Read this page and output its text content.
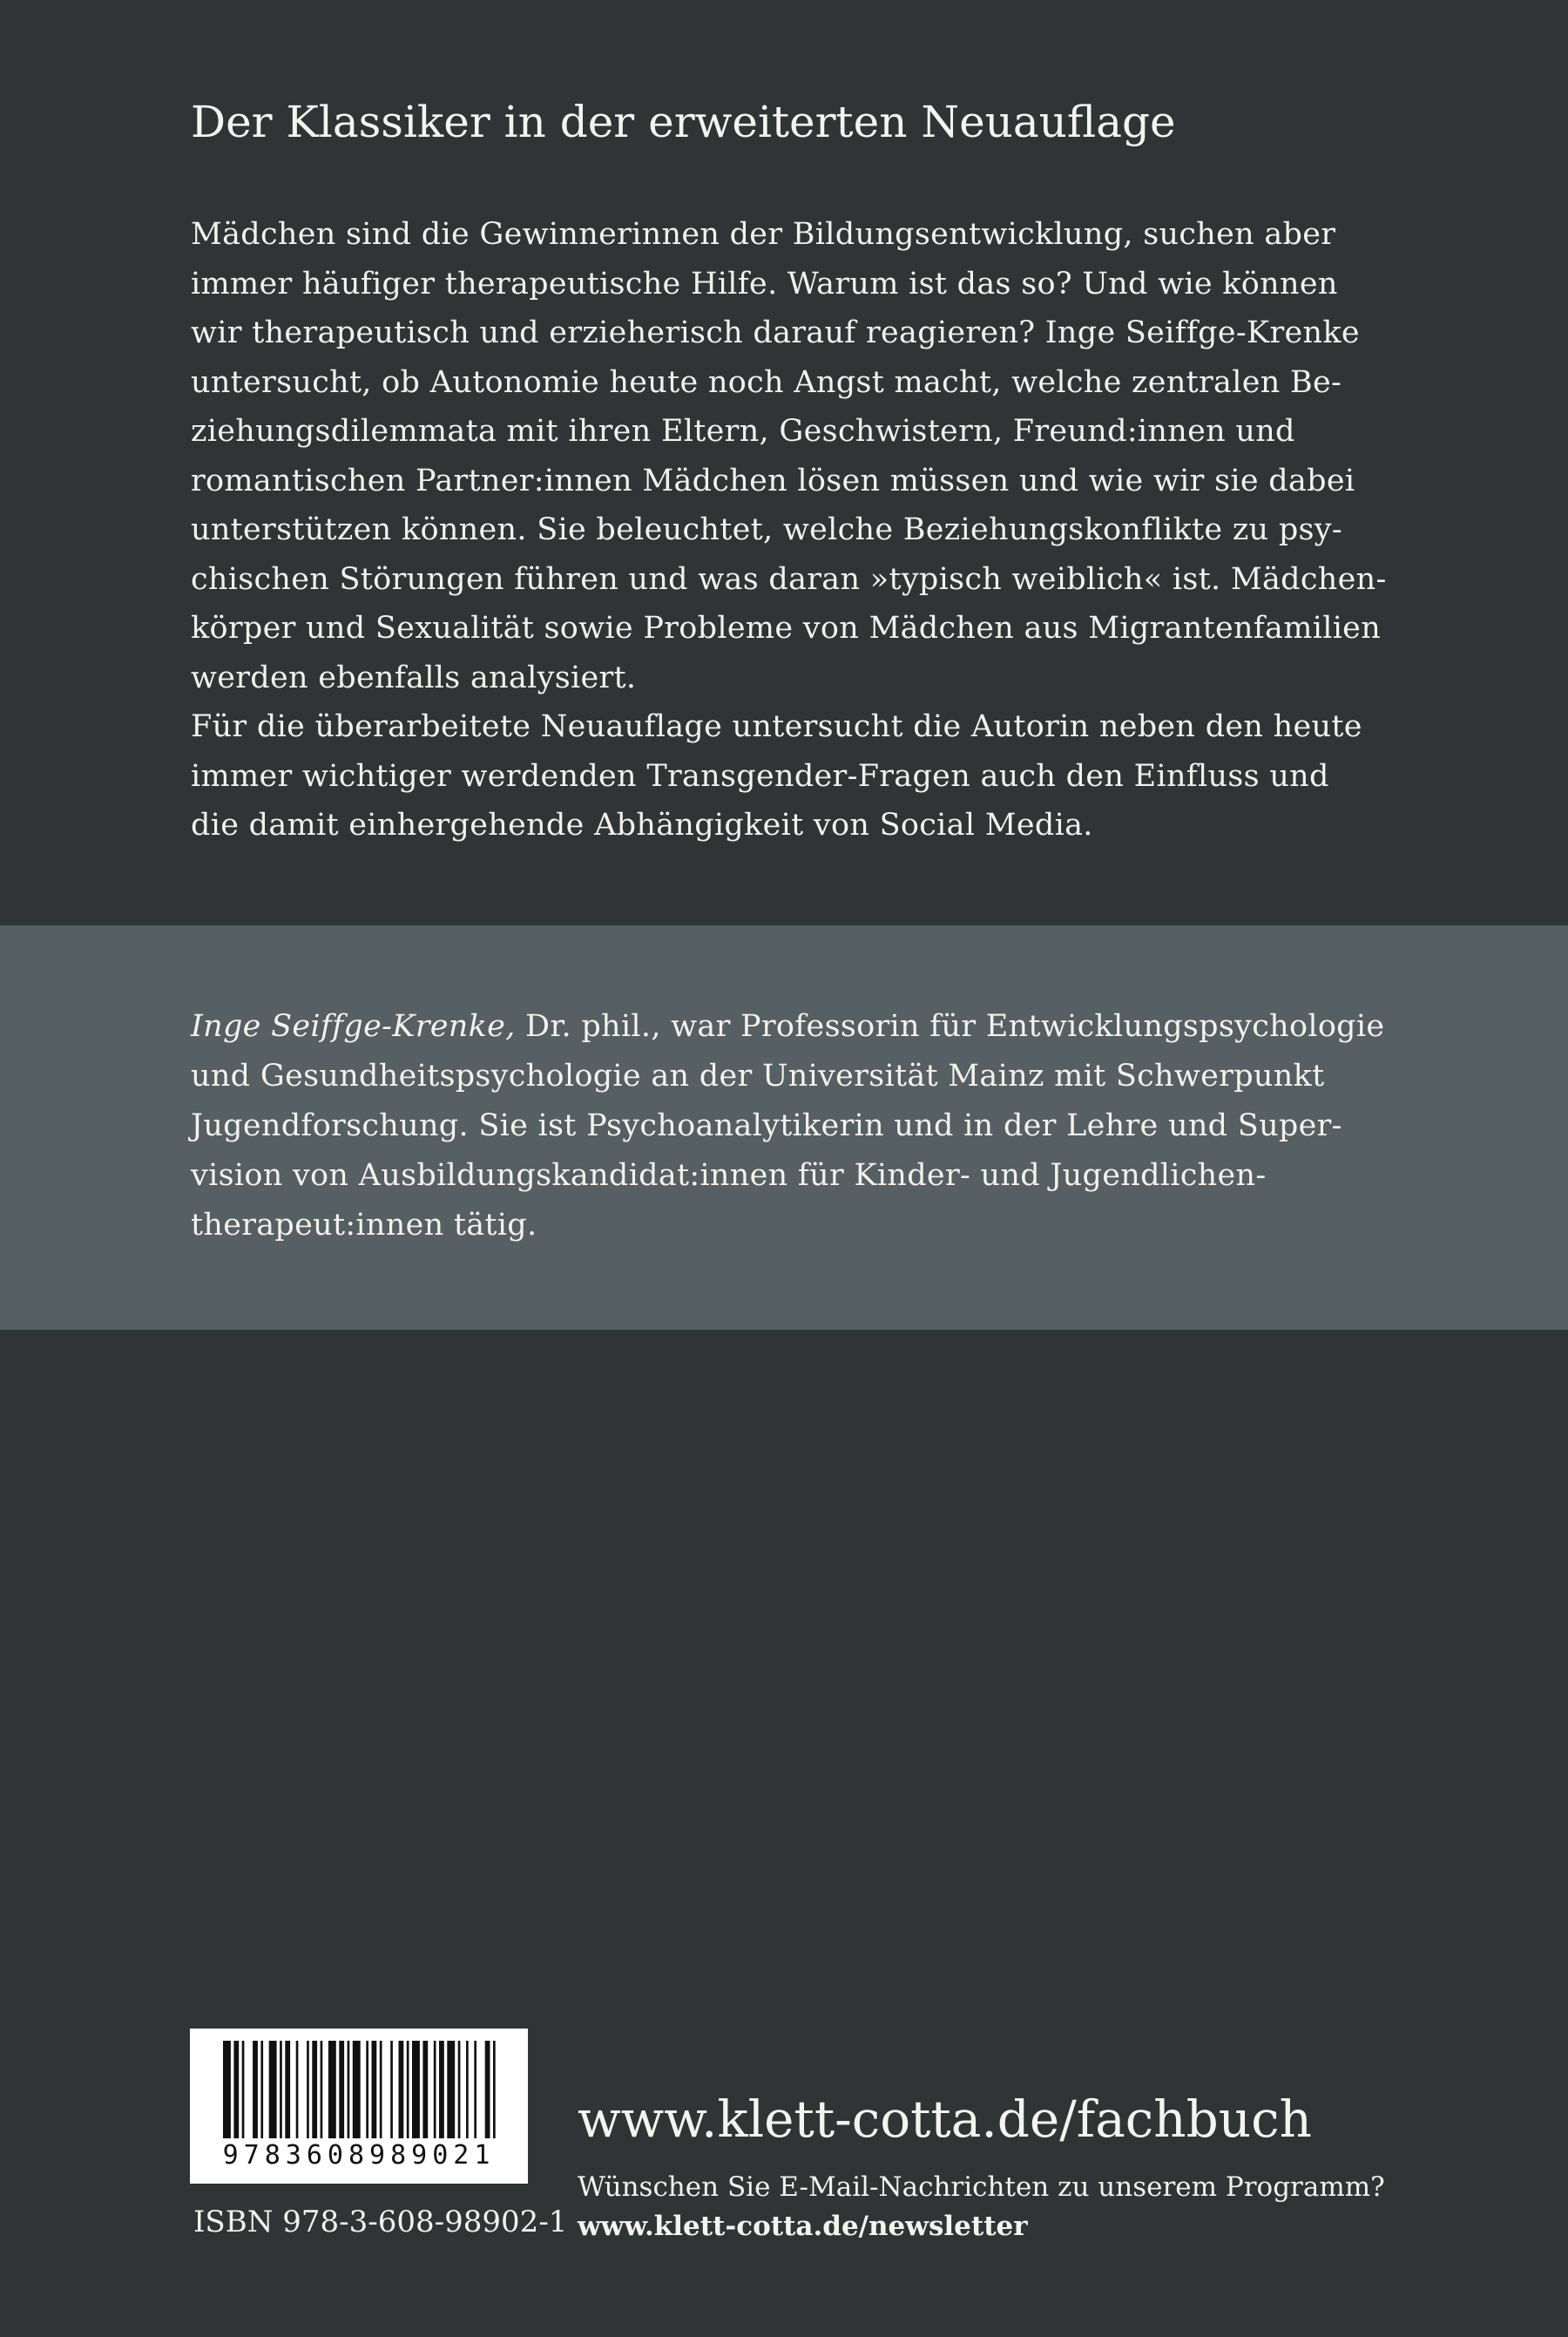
Der Klassiker in der erweiterten Neuauflage
Mädchen sind die Gewinnerinnen der Bildungsentwicklung, suchen aber
immer häufiger therapeutische Hilfe. Warum ist das so? Und wie können
wir therapeutisch und erzieherisch darauf reagieren? Inge Seiffge-Krenke
untersucht, ob Autonomie heute noch Angst macht, welche zentralen Be-
ziehungsdilemmata mit ihren Eltern, Geschwistern, Freund:innen und
romantischen Partner:innen Mädchen lösen müssen und wie wir sie dabei
unterstützen können. Sie beleuchtet, welche Beziehungskonflikte zu psy-
chischen Störungen führen und was daran »typisch weiblich« ist. Mädchen-
körper und Sexualität sowie Probleme von Mädchen aus Migrantenfamilien
werden ebenfalls analysiert.
Für die überarbeitete Neuauflage untersucht die Autorin neben den heute
immer wichtiger werdenden Transgender-Fragen auch den Einfluss und
die damit einhergehende Abhängigkeit von Social Media.
Inge Seiffge-Krenke, Dr. phil., war Professorin für Entwicklungspsychologie
und Gesundheitspsychologie an der Universität Mainz mit Schwerpunkt
Jugendforschung. Sie ist Psychoanalytikerin und in der Lehre und Super-
vision von Ausbildungskandidat:innen für Kinder- und Jugendlichen-
therapeut:innen tätig.
9783608989021
ISBN 978-3-608-98902-1
www.klett-cotta.de/fachbuch
Wünschen Sie E-Mail-Nachrichten zu unserem Programm?
www.klett-cotta.de/newsletter
